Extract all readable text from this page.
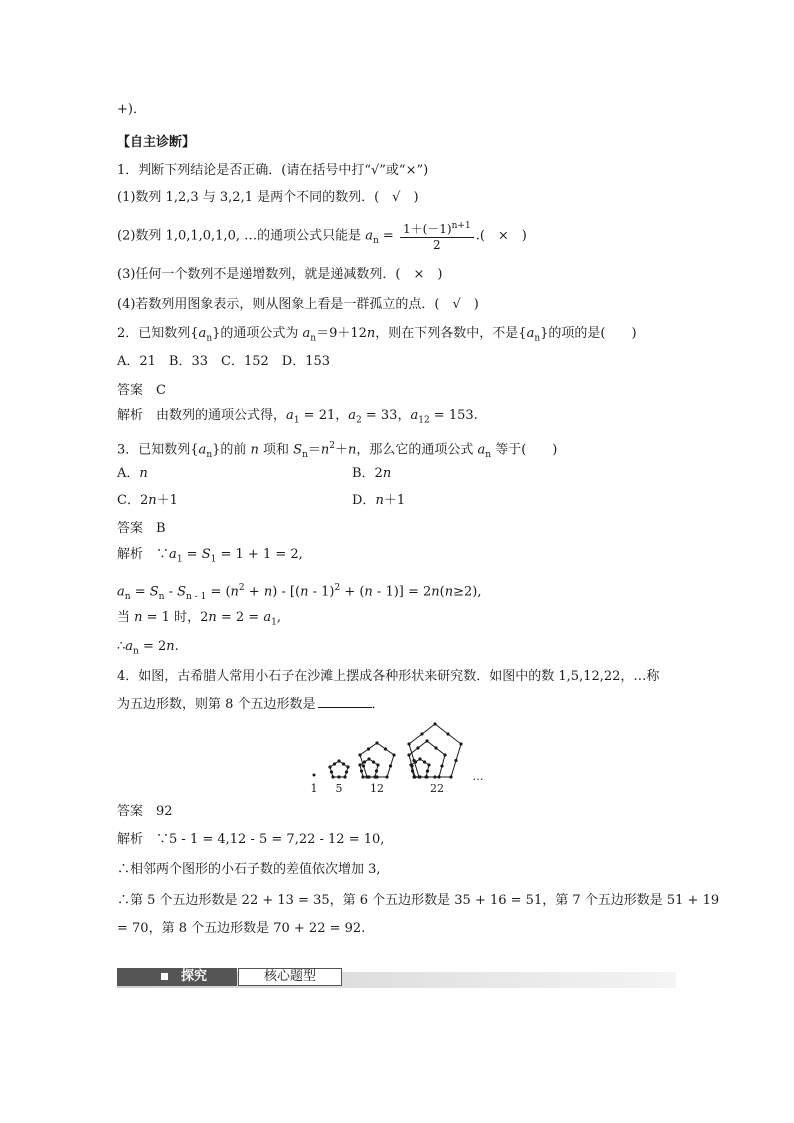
+)．
【自主诊断】
1．判断下列结论是否正确．(请在括号中打“√”或“×”)
(1)数列 1,2,3 与 3,2,1 是两个不同的数列．(　√　)
(2)数列 1,0,1,0,1,0, …的通项公式只能是 $a_n = \frac{1+(-1)^{n+1}}{2}$ .(　×　)
(3)任何一个数列不是递增数列，就是递减数列．(　×　)
(4)若数列用图象表示，则从图象上看是一群孤立的点．(　√　)
2．已知数列$\{a_n\}$的通项公式为 $a_n=9+12n$，则在下列各数中，不是$\{a_n\}$的项的是(　　)
A．21　B．33　C．152　D．153
答案　 C
解析　 由数列的通项公式得，$a_1 = 21$，$a_2 = 33$，$a_{12} = 153$.
3．已知数列$\{a_n\}$的前 n 项和 $S_n=n^2+n$，那么它的通项公式 $a_n$ 等于(　　)
A．n	B．2n
C．2n＋1	D．n＋1
答案　 B
解析　 $\because a_1 = S_1 = 1 + 1 = 2$,
$a_n = S_n - S_{n - 1} = (n^2 + n) - [(n - 1)^2 + (n - 1)] = 2n(n\ge 2)$,
当 n = 1 时，$2n = 2 = a_1$,
$\therefore a_n = 2n$.
4．如图，古希腊人常用小石子在沙滩上摆成各种形状来研究数．如图中的数 1,5,12,22，…称
为五边形数，则第 8 个五边形数是	．
1 5	12	22
…
答案　 92
解析　 ∵5 - 1 = 4,12 - 5 = 7,22 - 12 = 10,
∴相邻两个图形的小石子数的差值依次增加 3,
∴第 5 个五边形数是 22 + 13 = 35，第 6 个五边形数是 35 + 16 = 51，第 7 个五边形数是 51 + 19
= 70，第 8 个五边形数是 70 + 22 = 92.
探究	核心题型
